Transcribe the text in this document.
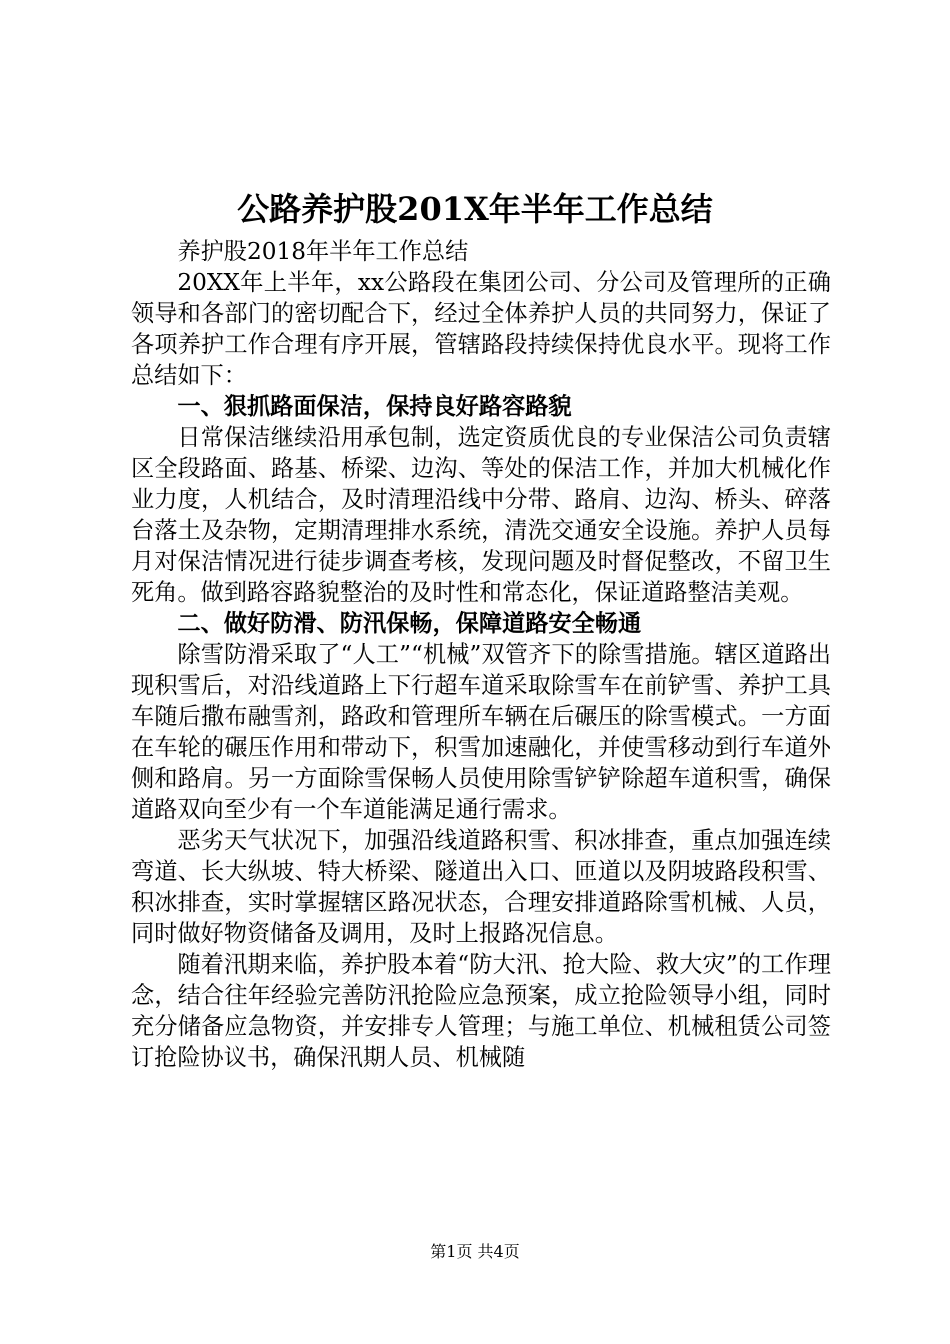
公路养护股201X年半年工作总结

养护股2018年半年工作总结

20XX年上半年，xx公路段在集团公司、分公司及管理所的正确领导和各部门的密切配合下，经过全体养护人员的共同努力，保证了各项养护工作合理有序开展，管辖路段持续保持优良水平。现将工作总结如下：

一、狠抓路面保洁，保持良好路容路貌

日常保洁继续沿用承包制，选定资质优良的专业保洁公司负责辖区全段路面、路基、桥梁、边沟、等处的保洁工作，并加大机械化作业力度，人机结合，及时清理沿线中分带、路肩、边沟、桥头、碎落台落土及杂物，定期清理排水系统，清洗交通安全设施。养护人员每月对保洁情况进行徒步调查考核，发现问题及时督促整改，不留卫生死角。做到路容路貌整治的及时性和常态化，保证道路整洁美观。

二、做好防滑、防汛保畅，保障道路安全畅通

除雪防滑采取了“人工”“机械”双管齐下的除雪措施。辖区道路出现积雪后，对沿线道路上下行超车道采取除雪车在前铲雪、养护工具车随后撒布融雪剂，路政和管理所车辆在后碾压的除雪模式。一方面在车轮的碾压作用和带动下，积雪加速融化，并使雪移动到行车道外侧和路肩。另一方面除雪保畅人员使用除雪铲铲除超车道积雪，确保道路双向至少有一个车道能满足通行需求。

恶劣天气状况下，加强沿线道路积雪、积冰排查，重点加强连续弯道、长大纵坡、特大桥梁、隧道出入口、匝道以及阴坡路段积雪、积冰排查，实时掌握辖区路况状态，合理安排道路除雪机械、人员，同时做好物资储备及调用，及时上报路况信息。

随着汛期来临，养护股本着“防大汛、抢大险、救大灾”的工作理念，结合往年经验完善防汛抢险应急预案，成立抢险领导小组，同时充分储备应急物资，并安排专人管理；与施工单位、机械租赁公司签订抢险协议书，确保汛期人员、机械随

第1页 共4页
